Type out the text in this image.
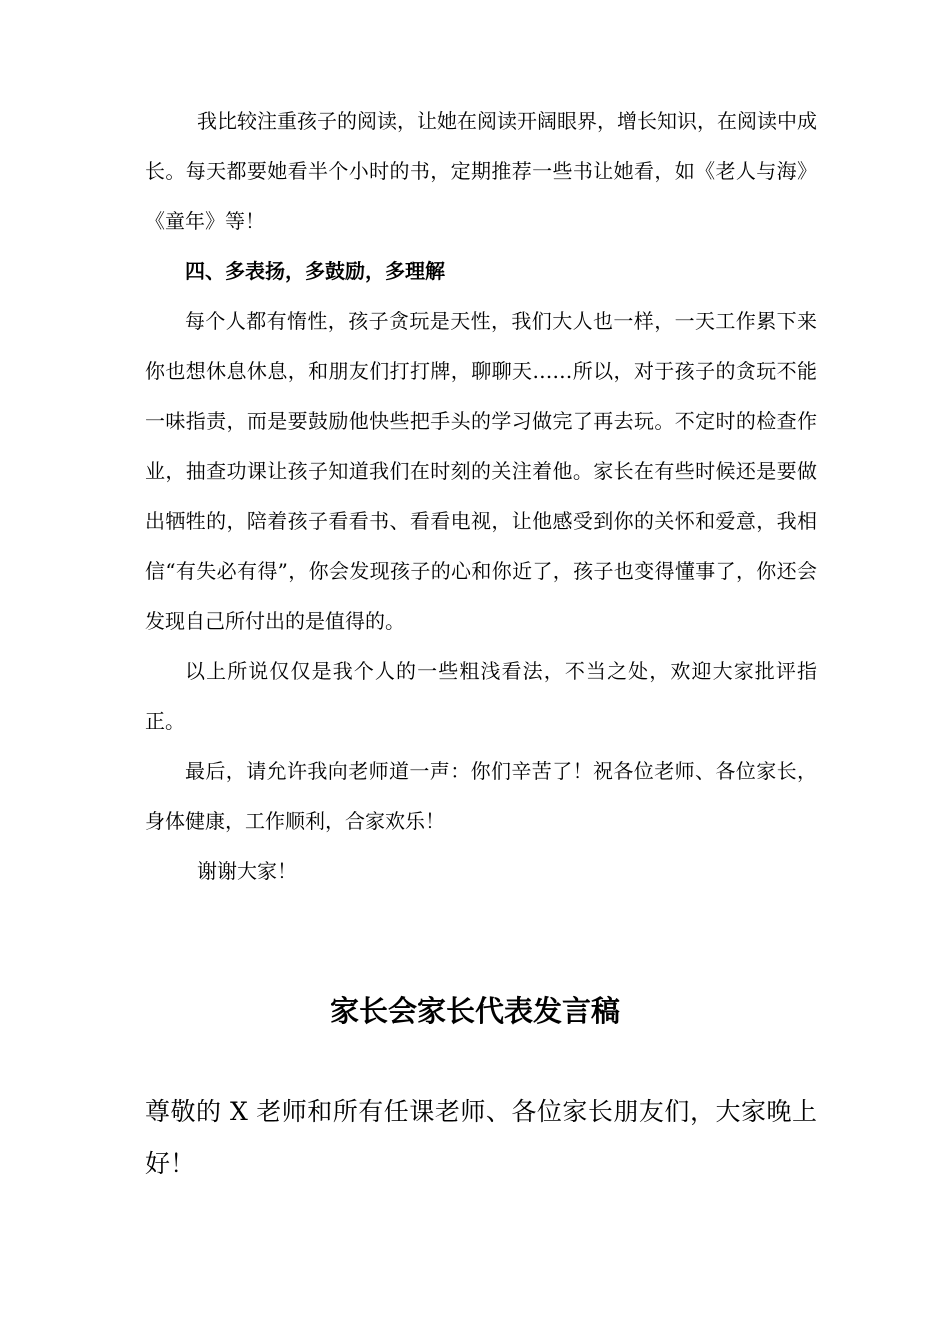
我比较注重孩子的阅读，让她在阅读开阔眼界，增长知识，在阅读中成长。每天都要她看半个小时的书，定期推荐一些书让她看，如《老人与海》《童年》等！

四、多表扬，多鼓励，多理解

每个人都有惰性，孩子贪玩是天性，我们大人也一样，一天工作累下来你也想休息休息，和朋友们打打牌，聊聊天……所以，对于孩子的贪玩不能一味指责，而是要鼓励他快些把手头的学习做完了再去玩。不定时的检查作业，抽查功课让孩子知道我们在时刻的关注着他。家长在有些时候还是要做出牺牲的，陪着孩子看看书、看看电视，让他感受到你的关怀和爱意，我相信“有失必有得”，你会发现孩子的心和你近了，孩子也变得懂事了，你还会发现自己所付出的是值得的。

以上所说仅仅是我个人的一些粗浅看法，不当之处，欢迎大家批评指正。

最后，请允许我向老师道一声：你们辛苦了！祝各位老师、各位家长，身体健康，工作顺利，合家欢乐！

谢谢大家！

家长会家长代表发言稿

尊敬的 X 老师和所有任课老师、各位家长朋友们，大家晚上好！
